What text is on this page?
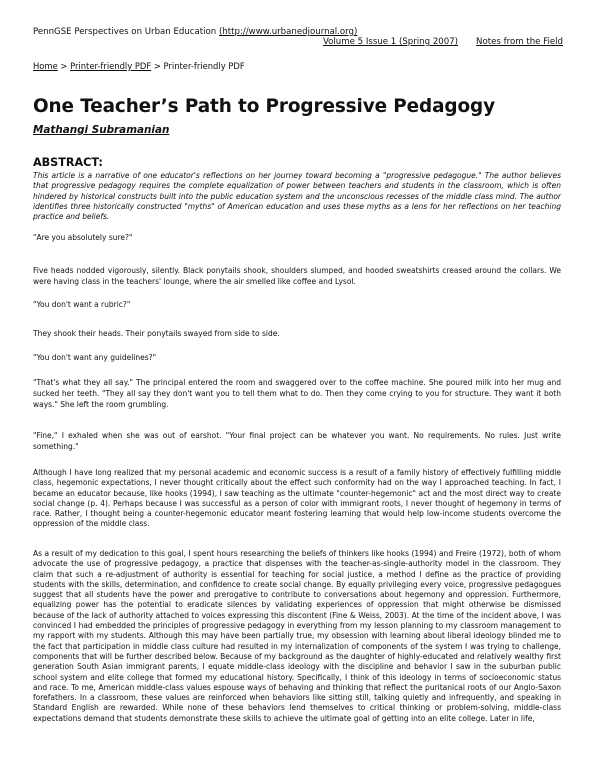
PennGSE Perspectives on Urban Education (http://www.urbanedjournal.org)
Volume 5 Issue 1 (Spring 2007) Notes from the Field
Home > Printer-friendly PDF > Printer-friendly PDF
One Teacher’s Path to Progressive Pedagogy
Mathangi Subramanian
ABSTRACT:
This article is a narrative of one educator's reflections on her journey toward becoming a "progressive pedagogue." The author believes that progressive pedagogy requires the complete equalization of power between teachers and students in the classroom, which is often hindered by historical constructs built into the public education system and the unconscious recesses of the middle class mind. The author identifies three historically constructed "myths" of American education and uses these myths as a lens for her reflections on her teaching practice and beliefs.
"Are you absolutely sure?"
Five heads nodded vigorously, silently. Black ponytails shook, shoulders slumped, and hooded sweatshirts creased around the collars. We were having class in the teachers' lounge, where the air smelled like coffee and Lysol.
"You don't want a rubric?"
They shook their heads. Their ponytails swayed from side to side.
"You don't want any guidelines?"
"That's what they all say." The principal entered the room and swaggered over to the coffee machine. She poured milk into her mug and sucked her teeth. "They all say they don't want you to tell them what to do. Then they come crying to you for structure. They want it both ways." She left the room grumbling.
"Fine," I exhaled when she was out of earshot. "Your final project can be whatever you want. No requirements. No rules. Just write something."
Although I have long realized that my personal academic and economic success is a result of a family history of effectively fulfilling middle class, hegemonic expectations, I never thought critically about the effect such conformity had on the way I approached teaching. In fact, I became an educator because, like hooks (1994), I saw teaching as the ultimate "counter-hegemonic" act and the most direct way to create social change (p. 4). Perhaps because I was successful as a person of color with immigrant roots, I never thought of hegemony in terms of race. Rather, I thought being a counter-hegemonic educator meant fostering learning that would help low-income students overcome the oppression of the middle class.
As a result of my dedication to this goal, I spent hours researching the beliefs of thinkers like hooks (1994) and Freire (1972), both of whom advocate the use of progressive pedagogy, a practice that dispenses with the teacher-as-single-authority model in the classroom. They claim that such a re-adjustment of authority is essential for teaching for social justice, a method I define as the practice of providing students with the skills, determination, and confidence to create social change. By equally privileging every voice, progressive pedagogues suggest that all students have the power and prerogative to contribute to conversations about hegemony and oppression. Furthermore, equalizing power has the potential to eradicate silences by validating experiences of oppression that might otherwise be dismissed because of the lack of authority attached to voices expressing this discontent (Fine & Weiss, 2003). At the time of the incident above, I was convinced I had embedded the principles of progressive pedagogy in everything from my lesson planning to my classroom management to my rapport with my students. Although this may have been partially true, my obsession with learning about liberal ideology blinded me to the fact that participation in middle class culture had resulted in my internalization of components of the system I was trying to challenge, components that will be further described below. Because of my background as the daughter of highly-educated and relatively wealthy first generation South Asian immigrant parents, I equate middle-class ideology with the discipline and behavior I saw in the suburban public school system and elite college that formed my educational history. Specifically, I think of this ideology in terms of socioeconomic status and race. To me, American middle-class values espouse ways of behaving and thinking that reflect the puritanical roots of our Anglo-Saxon forefathers. In a classroom, these values are reinforced when behaviors like sitting still, talking quietly and infrequently, and speaking in Standard English are rewarded. While none of these behaviors lend themselves to critical thinking or problem-solving, middle-class expectations demand that students demonstrate these skills to achieve the ultimate goal of getting into an elite college. Later in life,
